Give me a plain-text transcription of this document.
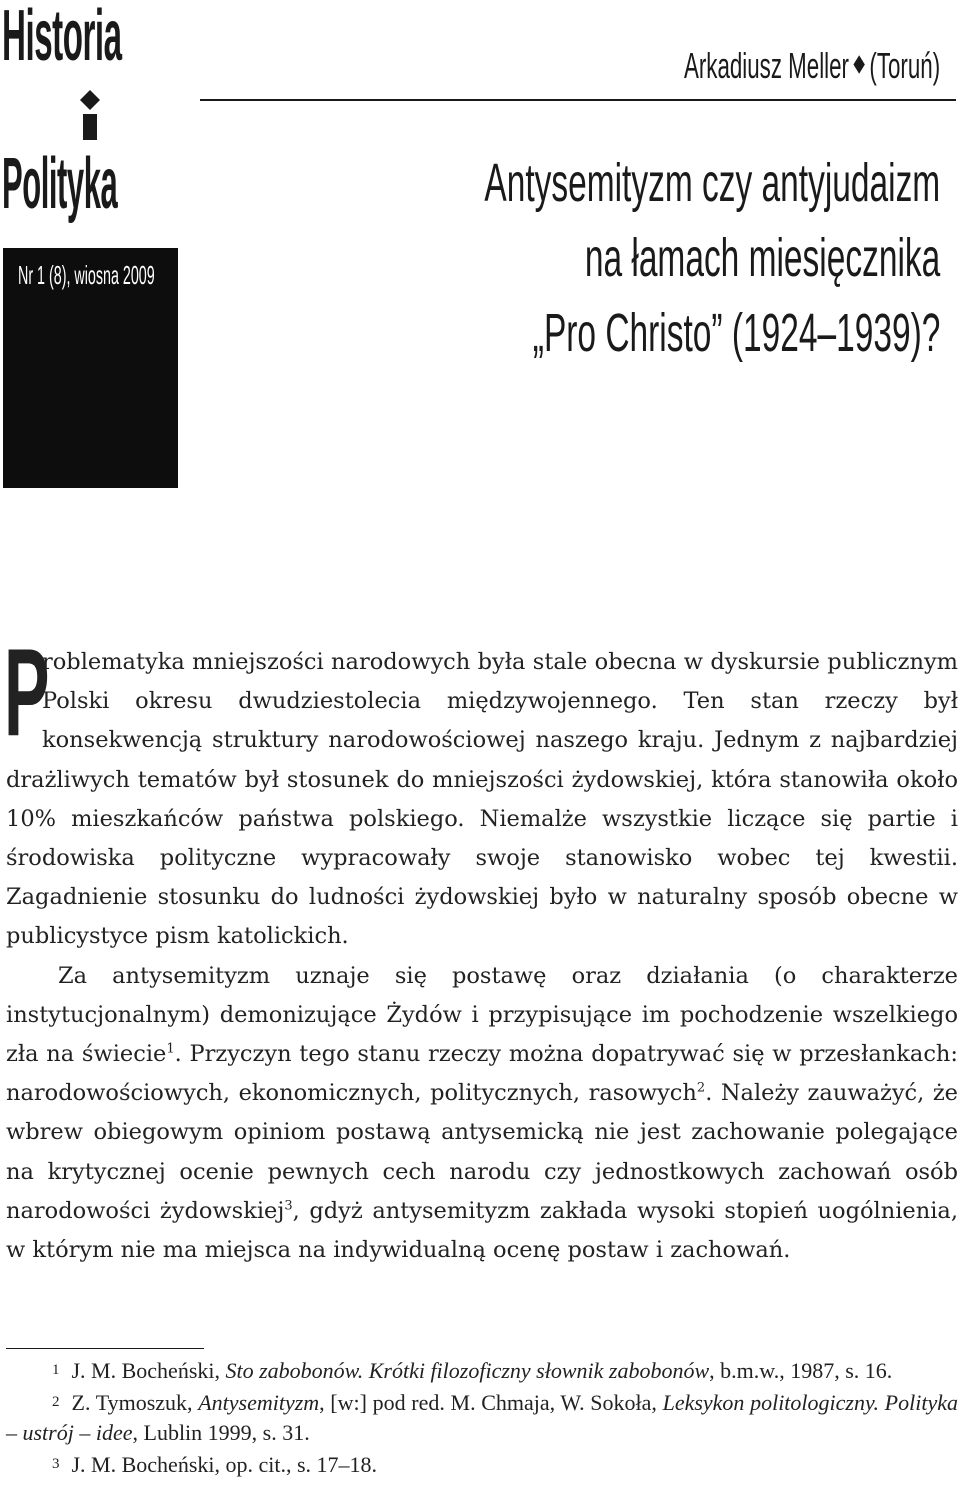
Historia
Polityka
Nr 1 (8), wiosna 2009
Arkadiusz Meller (Toruń)
Antysemityzm czy antyjudaizm
na łamach miesięcznika
„Pro Christo” (1924–1939)?

P
roblematyka mniejszości narodowych była stale obecna w dyskursie publicznym Polski okresu dwudziestolecia międzywojennego. Ten stan rzeczy był konsekwencją struktury narodowościowej naszego kraju. Jednym z najbardziej drażliwych tematów był stosunek do mniejszości żydowskiej, która stanowiła około 10% mieszkańców państwa polskiego. Niemalże wszystkie liczące się partie i środowiska polityczne wypracowały swoje stanowisko wobec tej kwestii. Zagadnienie stosunku do ludności żydowskiej było w naturalny sposób obecne w publicystyce pism katolickich.

Za antysemityzm uznaje się postawę oraz działania (o charakterze instytucjonalnym) demonizujące Żydów i przypisujące im pochodzenie wszelkiego zła na świecie$^1$. Przyczyn tego stanu rzeczy można dopatrywać się w przesłankach: narodowościowych, ekonomicznych, politycznych, rasowych$^2$. Należy zauważyć, że wbrew obiegowym opiniom postawą antysemicką nie jest zachowanie polegające na krytycznej ocenie pewnych cech narodu czy jednostkowych zachowań osób narodowości żydowskiej$^3$, gdyż antysemityzm zakłada wysoki stopień uogólnienia, w którym nie ma miejsca na indywidualną ocenę postaw i zachowań.

1 J. M. Bocheński, Sto zabobonów. Krótki filozoficzny słownik zabobonów, b.m.w., 1987, s. 16.

2 Z. Tymoszuk, Antysemityzm, [w:] pod red. M. Chmaja, W. Sokoła, Leksykon politologiczny. Polityka – ustrój – idee, Lublin 1999, s. 31.

3 J. M. Bocheński, op. cit., s. 17–18.
